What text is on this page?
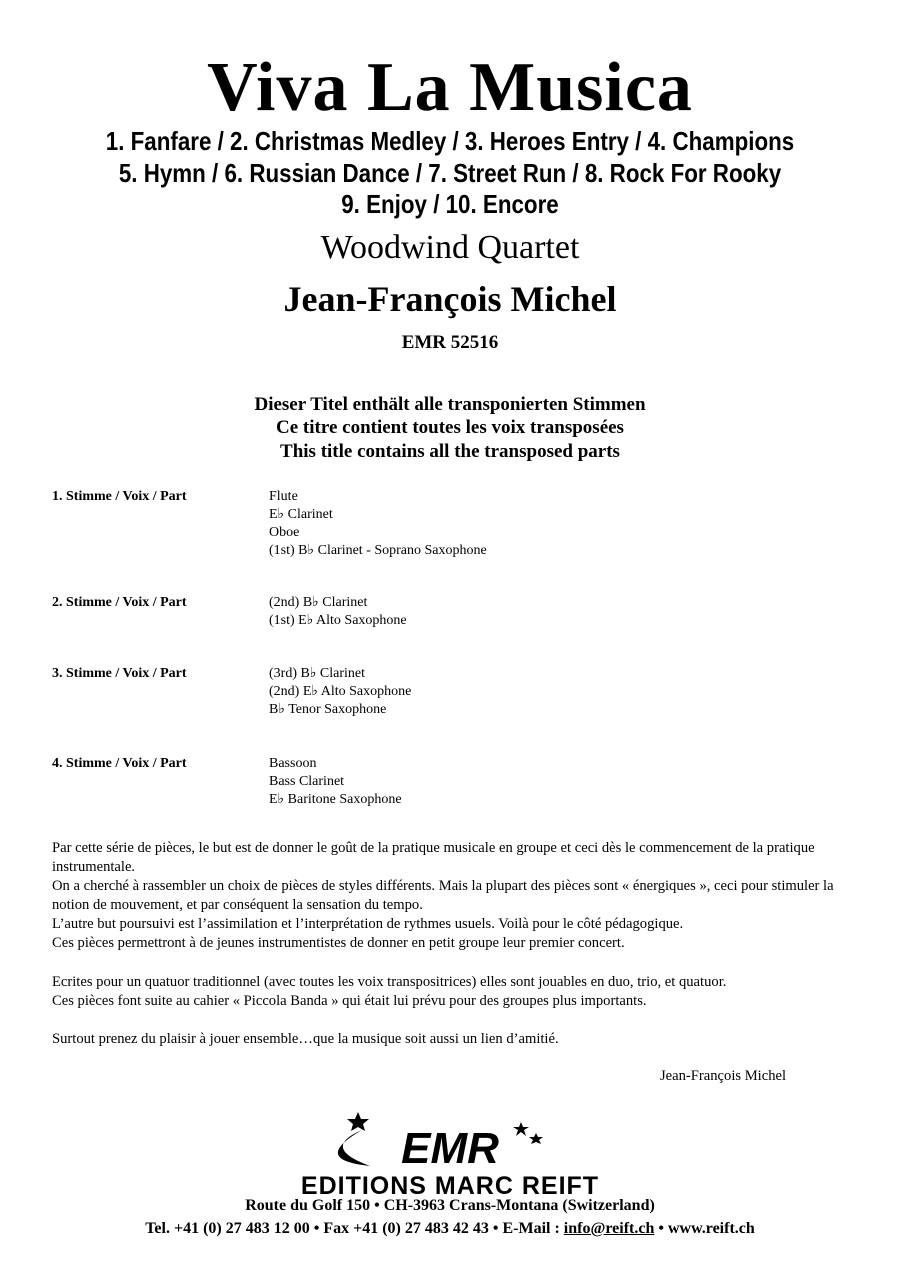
Viva La Musica
1. Fanfare / 2. Christmas Medley / 3. Heroes Entry / 4. Champions
5. Hymn / 6. Russian Dance / 7. Street Run / 8. Rock For Rooky
9. Enjoy / 10. Encore
Woodwind Quartet
Jean-François Michel
EMR 52516
Dieser Titel enthält alle transponierten Stimmen
Ce titre contient toutes les voix transposées
This title contains all the transposed parts
1. Stimme / Voix / Part	Flute
E♭ Clarinet
Oboe
(1st) B♭ Clarinet - Soprano Saxophone
2. Stimme / Voix / Part	(2nd) B♭ Clarinet
(1st) E♭ Alto Saxophone
3. Stimme / Voix / Part	(3rd) B♭ Clarinet
(2nd) E♭ Alto Saxophone
B♭ Tenor Saxophone
4. Stimme / Voix / Part	Bassoon
Bass Clarinet
E♭ Baritone Saxophone

Par cette série de pièces, le but est de donner le goût de la pratique musicale en groupe et ceci dès le commencement de la pratique instrumentale.

On a cherché à rassembler un choix de pièces de styles différents. Mais la plupart des pièces sont « énergiques », ceci pour stimuler la notion de mouvement, et par conséquent la sensation du tempo.

L’autre but poursuivi est l’assimilation et l’interprétation de rythmes usuels. Voilà pour le côté pédagogique.

Ces pièces permettront à de jeunes instrumentistes de donner en petit groupe leur premier concert.

Ecrites pour un quatuor traditionnel (avec toutes les voix transpositrices) elles sont jouables en duo, trio, et quatuor.

Ces pièces font suite au cahier « Piccola Banda » qui était lui prévu pour des groupes plus importants.

Surtout prenez du plaisir à jouer ensemble…que la musique soit aussi un lien d’amitié.

Jean-François Michel
EMR
EDITIONS MARC REIFT
Route du Golf 150 • CH-3963 Crans-Montana (Switzerland)
Tel. +41 (0) 27 483 12 00 • Fax +41 (0) 27 483 42 43 • E-Mail : info@reift.ch • www.reift.ch
